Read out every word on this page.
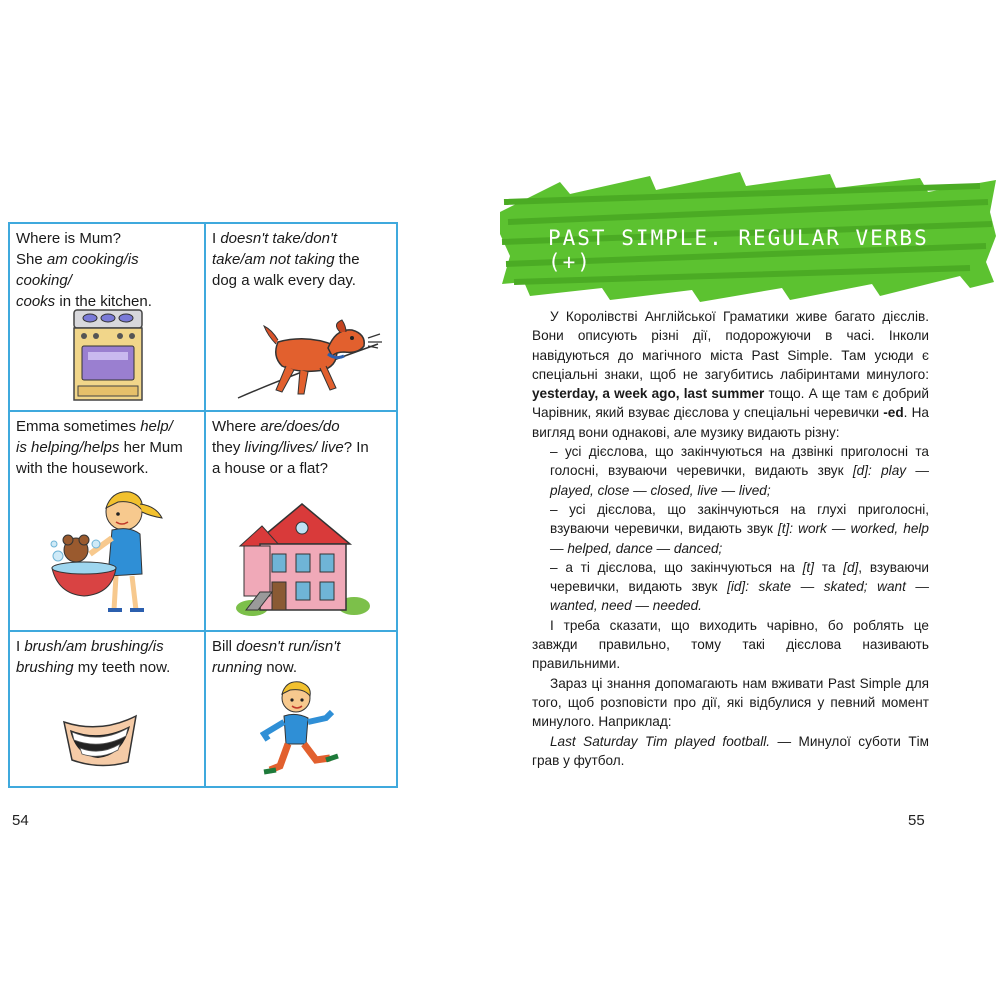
Where is Mum?

She am cooking/is cooking/

cooks in the kitchen.

I doesn't take/don't

take/am not taking the

dog a walk every day.

Emma sometimes help/

is helping/helps her Mum

with the housework.

Where are/does/do

they living/lives/ live? In

a house or a flat?

I brush/am brushing/is

brushing my teeth now.

Bill doesn't run/isn't

running now.

54
PAST SIMPLE. REGULAR VERBS (+)

У Королівстві Англійської Граматики живе багато дієслів. Вони описують різні дії, подорожуючи в часі. Інколи навідуються до магічного міста Past Simple. Там усюди є спеціальні знаки, щоб не загубитись лабіринтами минулого: yesterday, a week ago, last summer тощо. А ще там є добрий Чарівник, який взуває дієслова у спеціальні черевички -ed. На вигляд вони однакові, але музику видають різну:

– усі дієслова, що закінчуються на дзвінкі приголосні та голосні, взуваючи черевички, видають звук [d]: play — played, close — closed, live — lived;

– усі дієслова, що закінчуються на глухі приголосні, взуваючи черевички, видають звук [t]: work — worked, help — helped, dance — danced;

– а ті дієслова, що закінчуються на [t] та [d], взуваючи черевички, видають звук [id]: skate — skated; want — wanted, need — needed.

І треба сказати, що виходить чарівно, бо роблять це завжди правильно, тому такі дієслова називають правильними.

Зараз ці знання допомагають нам вживати Past Simple для того, щоб розповісти про дії, які відбулися у певний момент минулого. Наприклад:

Last Saturday Tim played football. — Минулої суботи Тім грав у футбол.

55
